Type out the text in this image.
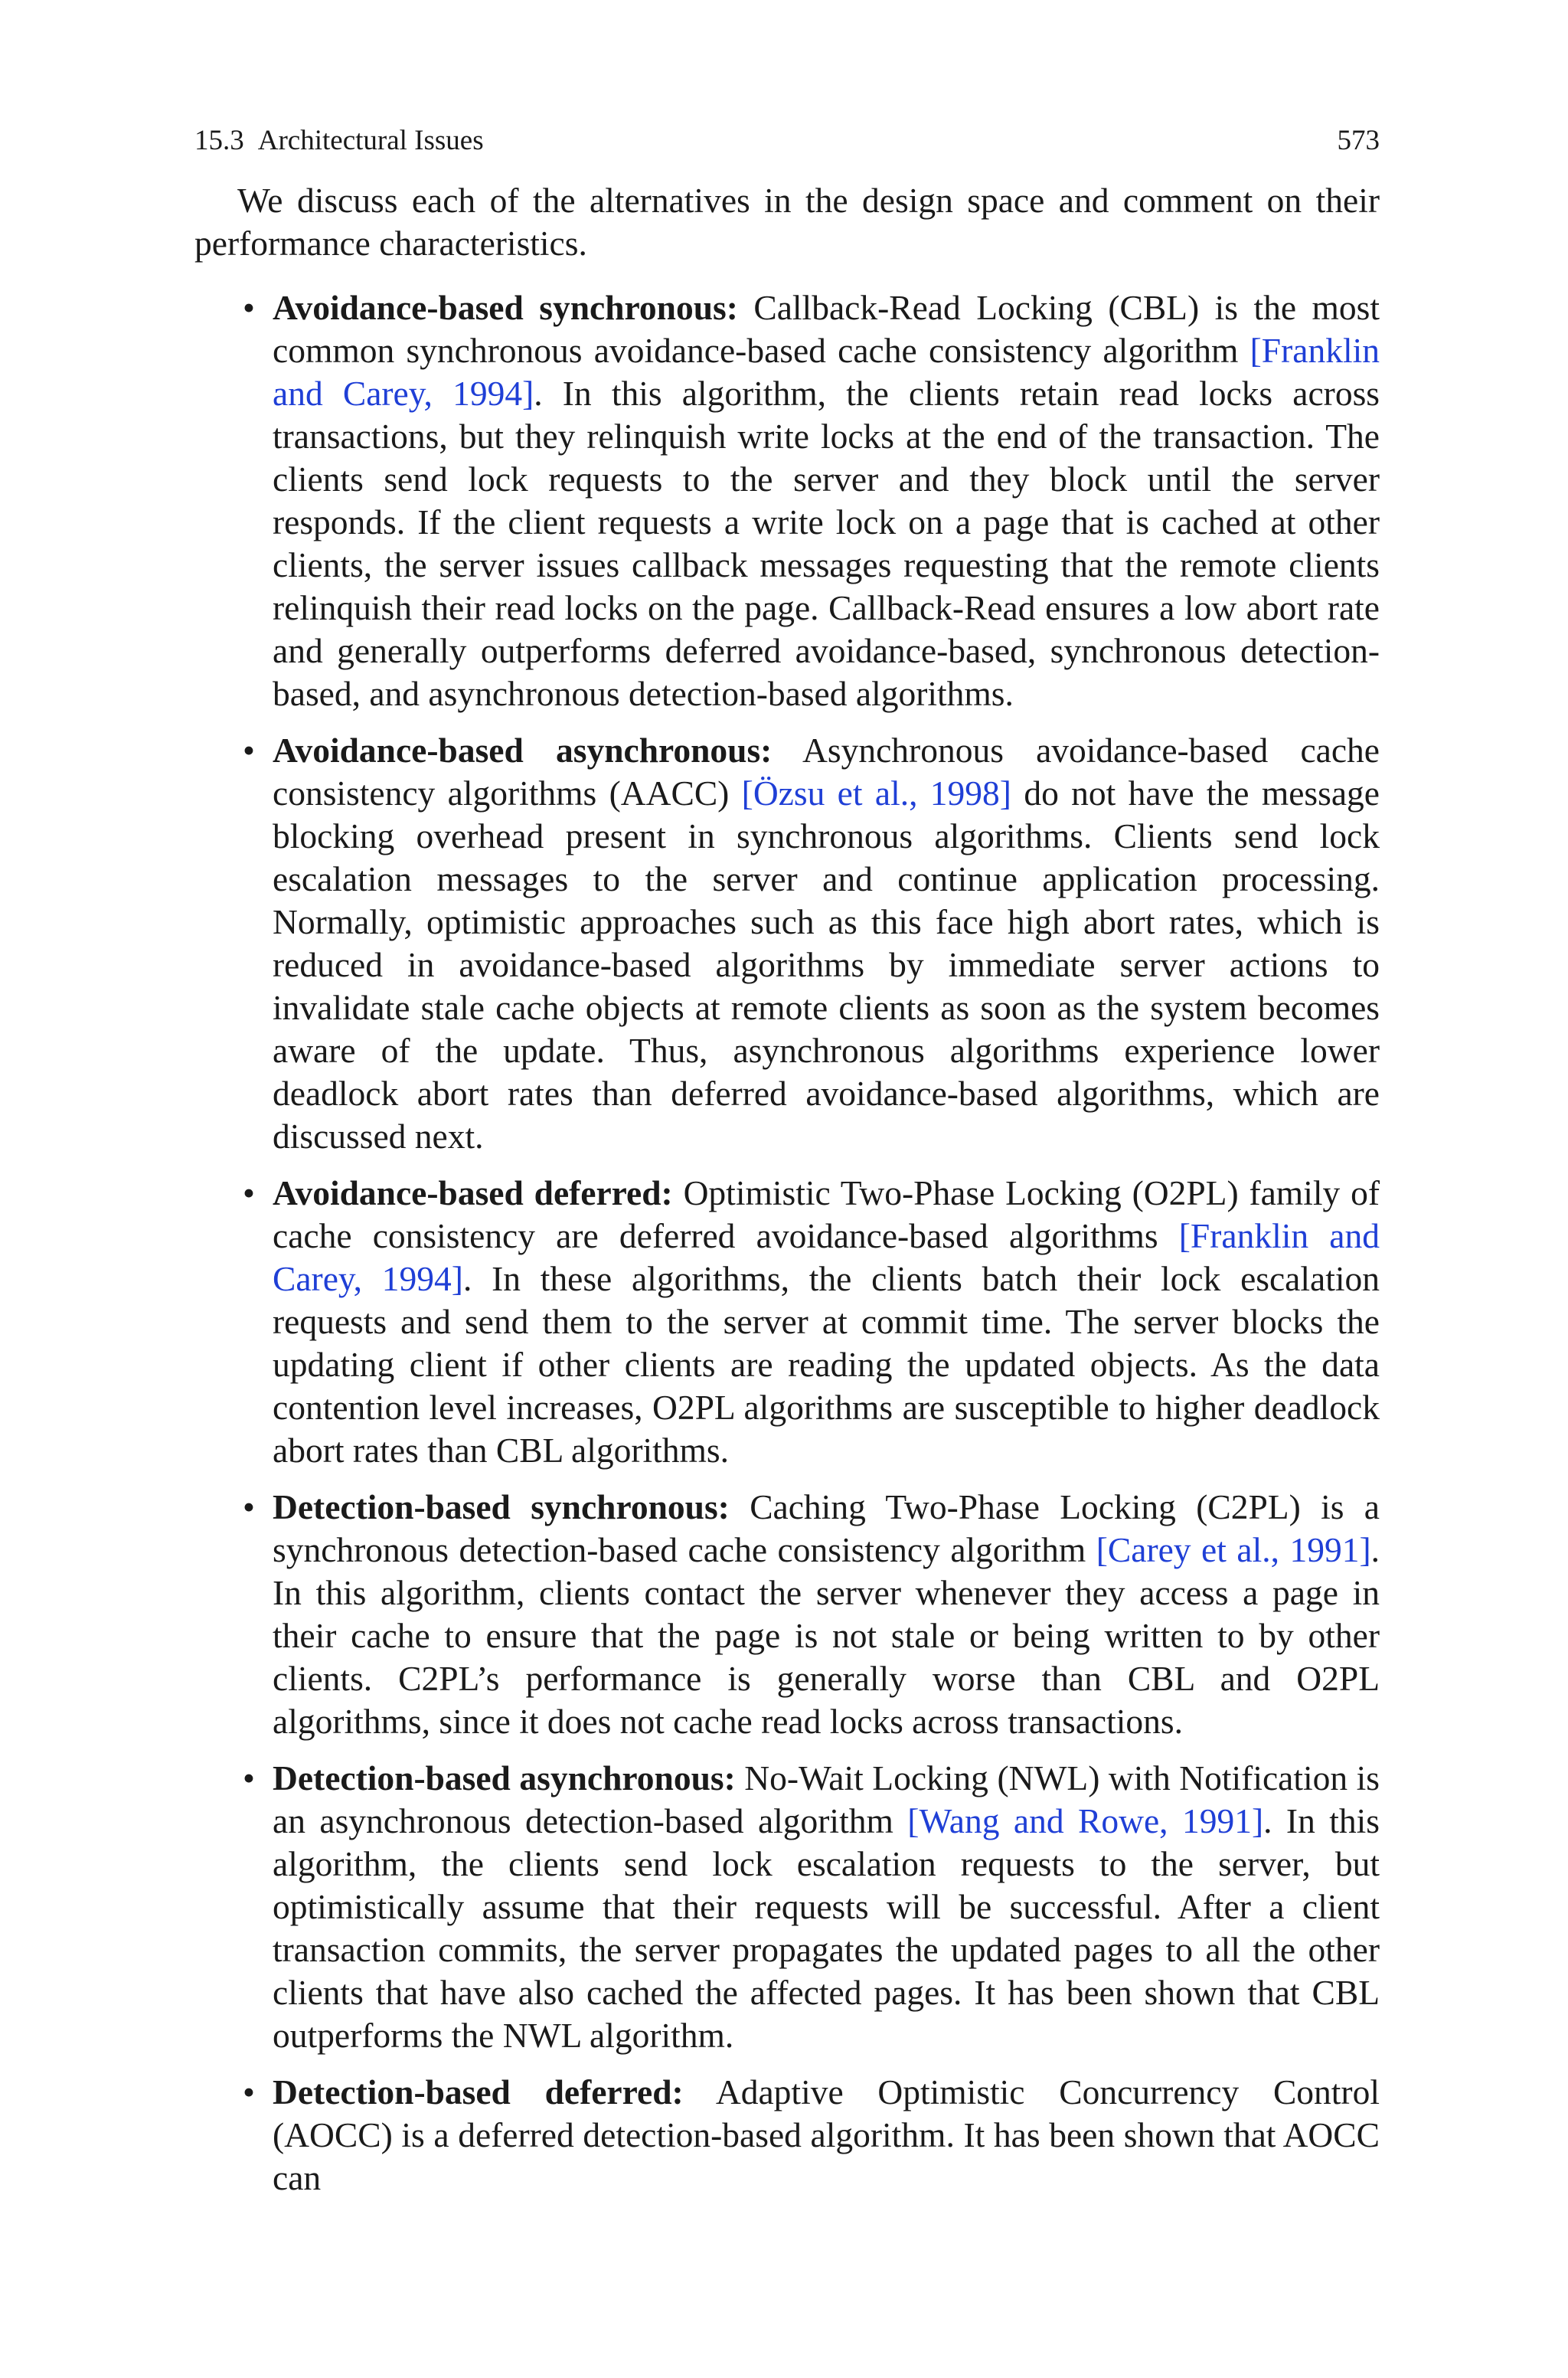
15.3 Architectural Issues	573

We discuss each of the alternatives in the design space and comment on their performance characteristics.

• Avoidance-based synchronous: Callback-Read Locking (CBL) is the most common synchronous avoidance-based cache consistency algorithm [Franklin and Carey, 1994]. In this algorithm, the clients retain read locks across transactions, but they relinquish write locks at the end of the transaction. The clients send lock requests to the server and they block until the server responds. If the client requests a write lock on a page that is cached at other clients, the server issues callback messages requesting that the remote clients relinquish their read locks on the page. Callback-Read ensures a low abort rate and generally outperforms deferred avoidance-based, synchronous detection-based, and asynchronous detection-based algorithms.
• Avoidance-based asynchronous: Asynchronous avoidance-based cache consistency algorithms (AACC) [Özsu et al., 1998] do not have the message blocking overhead present in synchronous algorithms. Clients send lock escalation messages to the server and continue application processing. Normally, optimistic approaches such as this face high abort rates, which is reduced in avoidance-based algorithms by immediate server actions to invalidate stale cache objects at remote clients as soon as the system becomes aware of the update. Thus, asynchronous algorithms experience lower deadlock abort rates than deferred avoidance-based algorithms, which are discussed next.
• Avoidance-based deferred: Optimistic Two-Phase Locking (O2PL) family of cache consistency are deferred avoidance-based algorithms [Franklin and Carey, 1994]. In these algorithms, the clients batch their lock escalation requests and send them to the server at commit time. The server blocks the updating client if other clients are reading the updated objects. As the data contention level increases, O2PL algorithms are susceptible to higher deadlock abort rates than CBL algorithms.
• Detection-based synchronous: Caching Two-Phase Locking (C2PL) is a synchronous detection-based cache consistency algorithm [Carey et al., 1991]. In this algorithm, clients contact the server whenever they access a page in their cache to ensure that the page is not stale or being written to by other clients. C2PL’s performance is generally worse than CBL and O2PL algorithms, since it does not cache read locks across transactions.
• Detection-based asynchronous: No-Wait Locking (NWL) with Notification is an asynchronous detection-based algorithm [Wang and Rowe, 1991]. In this algorithm, the clients send lock escalation requests to the server, but optimistically assume that their requests will be successful. After a client transaction commits, the server propagates the updated pages to all the other clients that have also cached the affected pages. It has been shown that CBL outperforms the NWL algorithm.
• Detection-based deferred: Adaptive Optimistic Concurrency Control (AOCC) is a deferred detection-based algorithm. It has been shown that AOCC can
